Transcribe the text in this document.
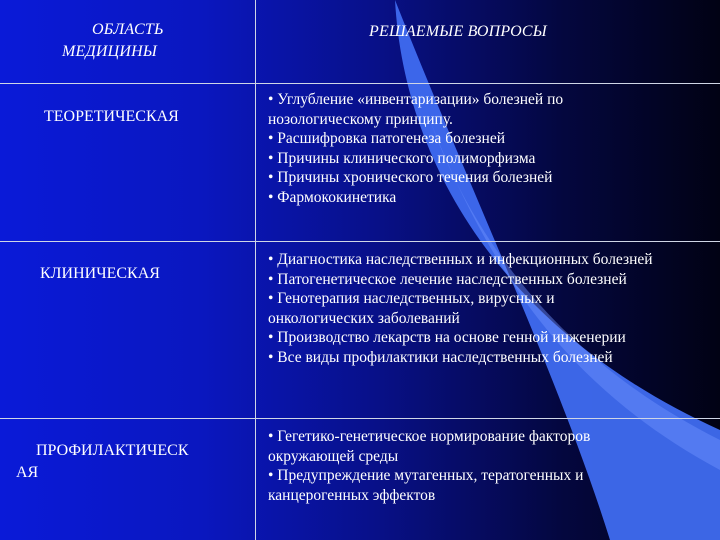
ОБЛАСТЬ
МЕДИЦИНЫ
РЕШАЕМЫЕ ВОПРОСЫ
ТЕОРЕТИЧЕСКАЯ
• Углубление «инвентаризации» болезней по нозологическому принципу.
• Расшифровка патогенеза болезней
• Причины клинического полиморфизма
• Причины хронического течения болезней
• Фармококинетика
КЛИНИЧЕСКАЯ
• Диагностика наследственных и инфекционных болезней
• Патогенетическое лечение наследственных болезней
• Генотерапия наследственных, вирусных и онкологических заболеваний
• Производство лекарств на основе генной инженерии
• Все виды профилактики наследственных болезней
ПРОФИЛАКТИЧЕСК
АЯ
• Гегетико-генетическое нормирование факторов окружающей среды
• Предупреждение мутагенных, тератогенных и канцерогенных эффектов
